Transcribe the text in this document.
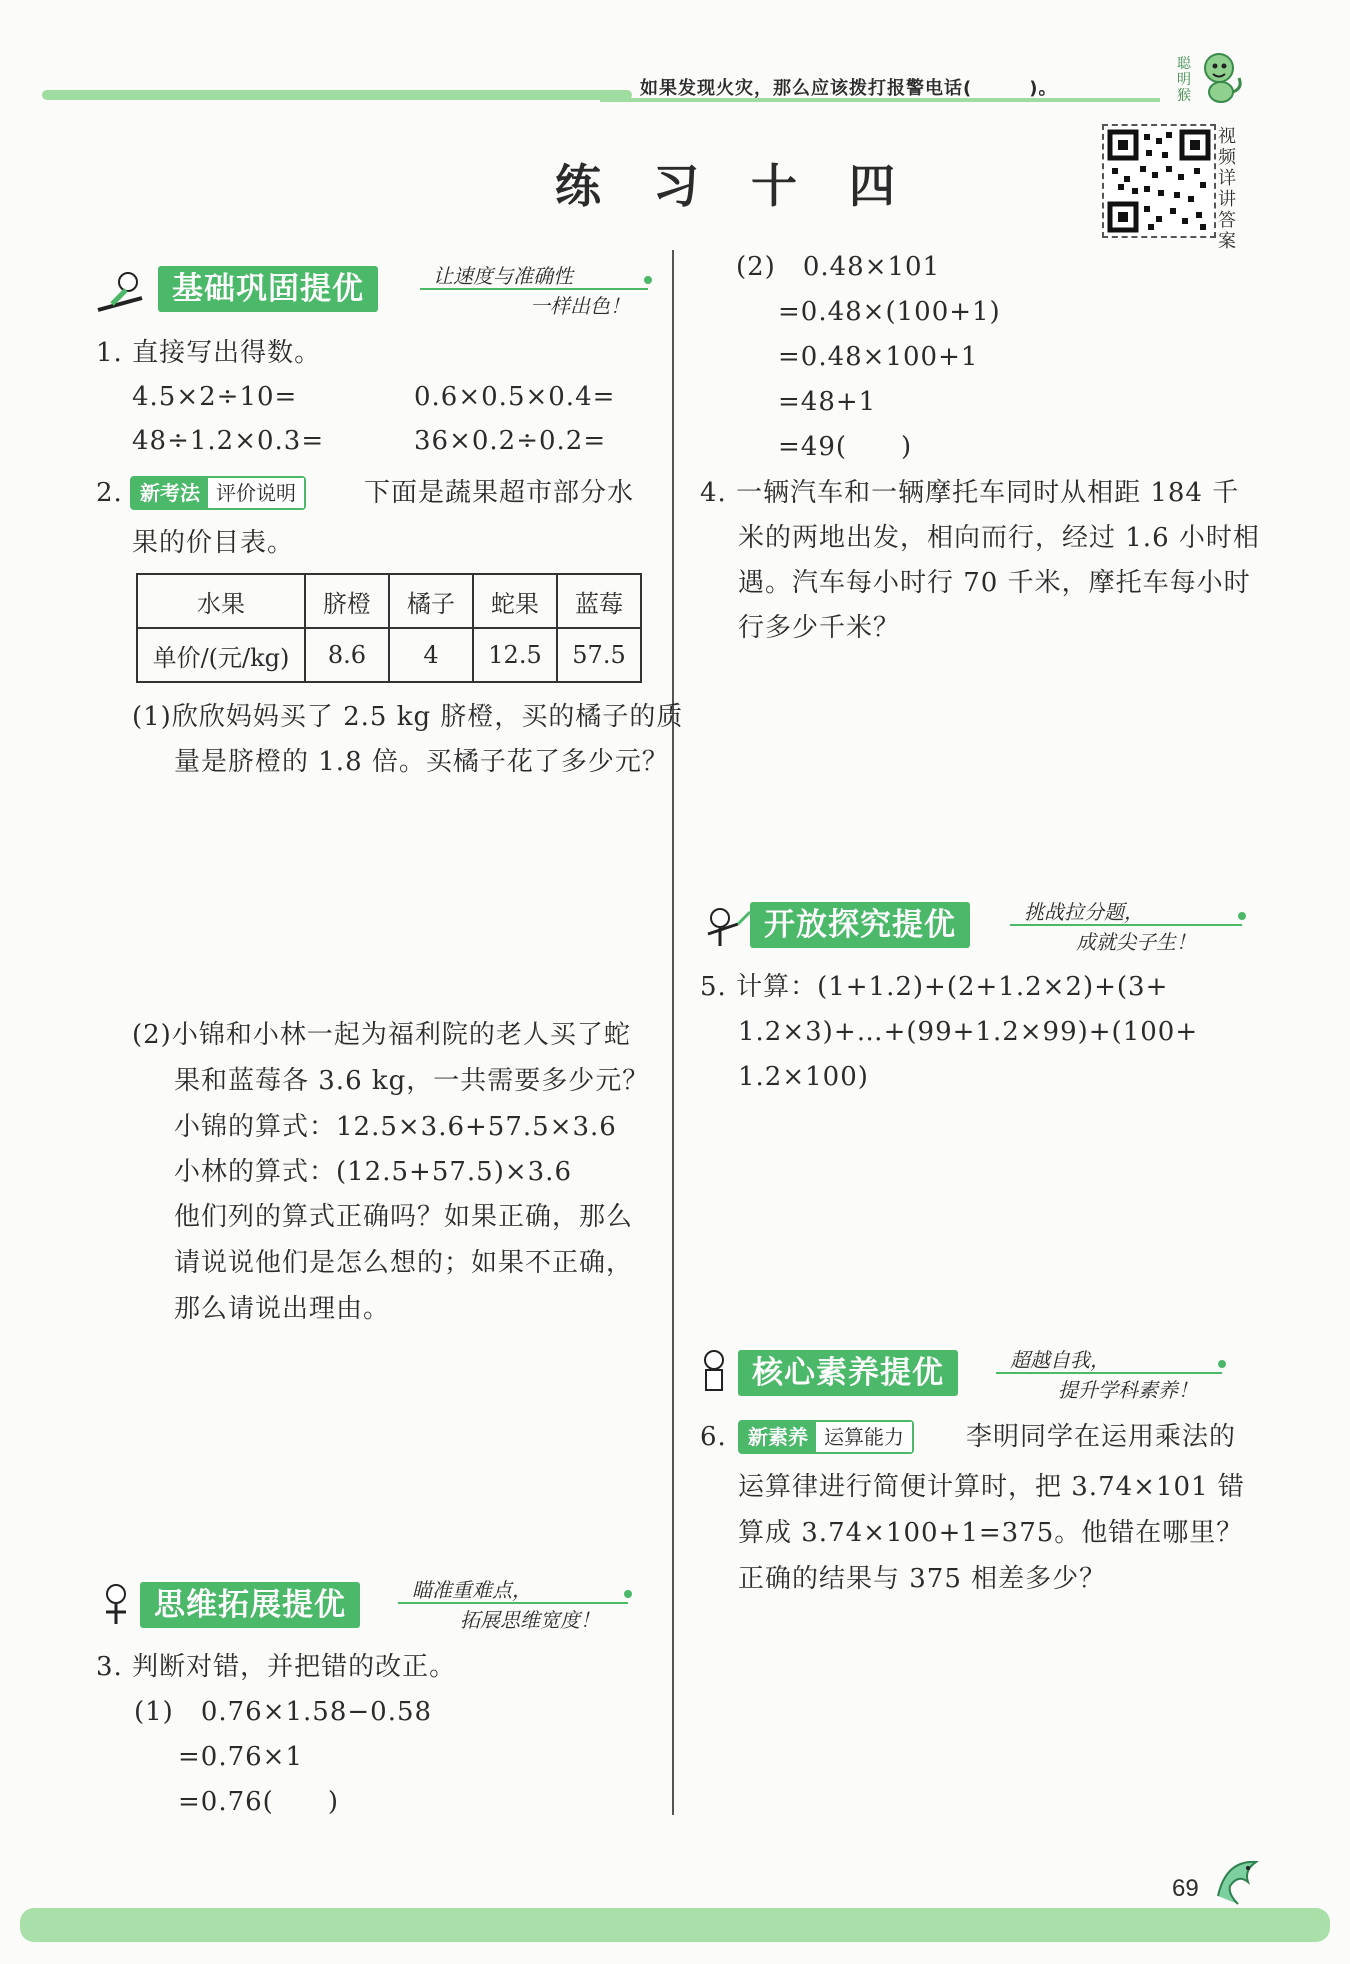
如果发现火灾，那么应该拨打报警电话(　　　)。
聪明猴
视频详讲答案
练 习 十 四
基础巩固提优	让速度与准确性
一样出色！
1. 直接写出得数。
4.5×2÷10=	0.6×0.5×0.4=
48÷1.2×0.3=	36×0.2÷0.2=
2. 新考法 评价说明	下面是蔬果超市部分水
果的价目表。
水果	脐橙	橘子	蛇果	蓝莓
单价/(元/kg)	8.6	4	12.5	57.5
(1)欣欣妈妈买了 2.5 kg 脐橙，买的橘子的质
量是脐橙的 1.8 倍。买橘子花了多少元？
(2)小锦和小林一起为福利院的老人买了蛇
果和蓝莓各 3.6 kg，一共需要多少元？
小锦的算式：12.5×3.6+57.5×3.6
小林的算式：(12.5+57.5)×3.6
他们列的算式正确吗？如果正确，那么
请说说他们是怎么想的；如果不正确，
那么请说出理由。
思维拓展提优	瞄准重难点，
拓展思维宽度！
3. 判断对错，并把错的改正。
(1)　0.76×1.58−0.58
=0.76×1
=0.76(　　)
(2)　0.48×101
=0.48×(100+1)
=0.48×100+1
=48+1
=49(　　)
4. 一辆汽车和一辆摩托车同时从相距 184 千
米的两地出发，相向而行，经过 1.6 小时相
遇。汽车每小时行 70 千米，摩托车每小时
行多少千米？
开放探究提优	挑战拉分题，
成就尖子生！
5. 计算：(1+1.2)+(2+1.2×2)+(3+
1.2×3)+…+(99+1.2×99)+(100+
1.2×100)
核心素养提优	超越自我，
提升学科素养！
6.	新素养 运算能力	李明同学在运用乘法的
运算律进行简便计算时，把 3.74×101 错
算成 3.74×100+1=375。他错在哪里？
正确的结果与 375 相差多少？
69
